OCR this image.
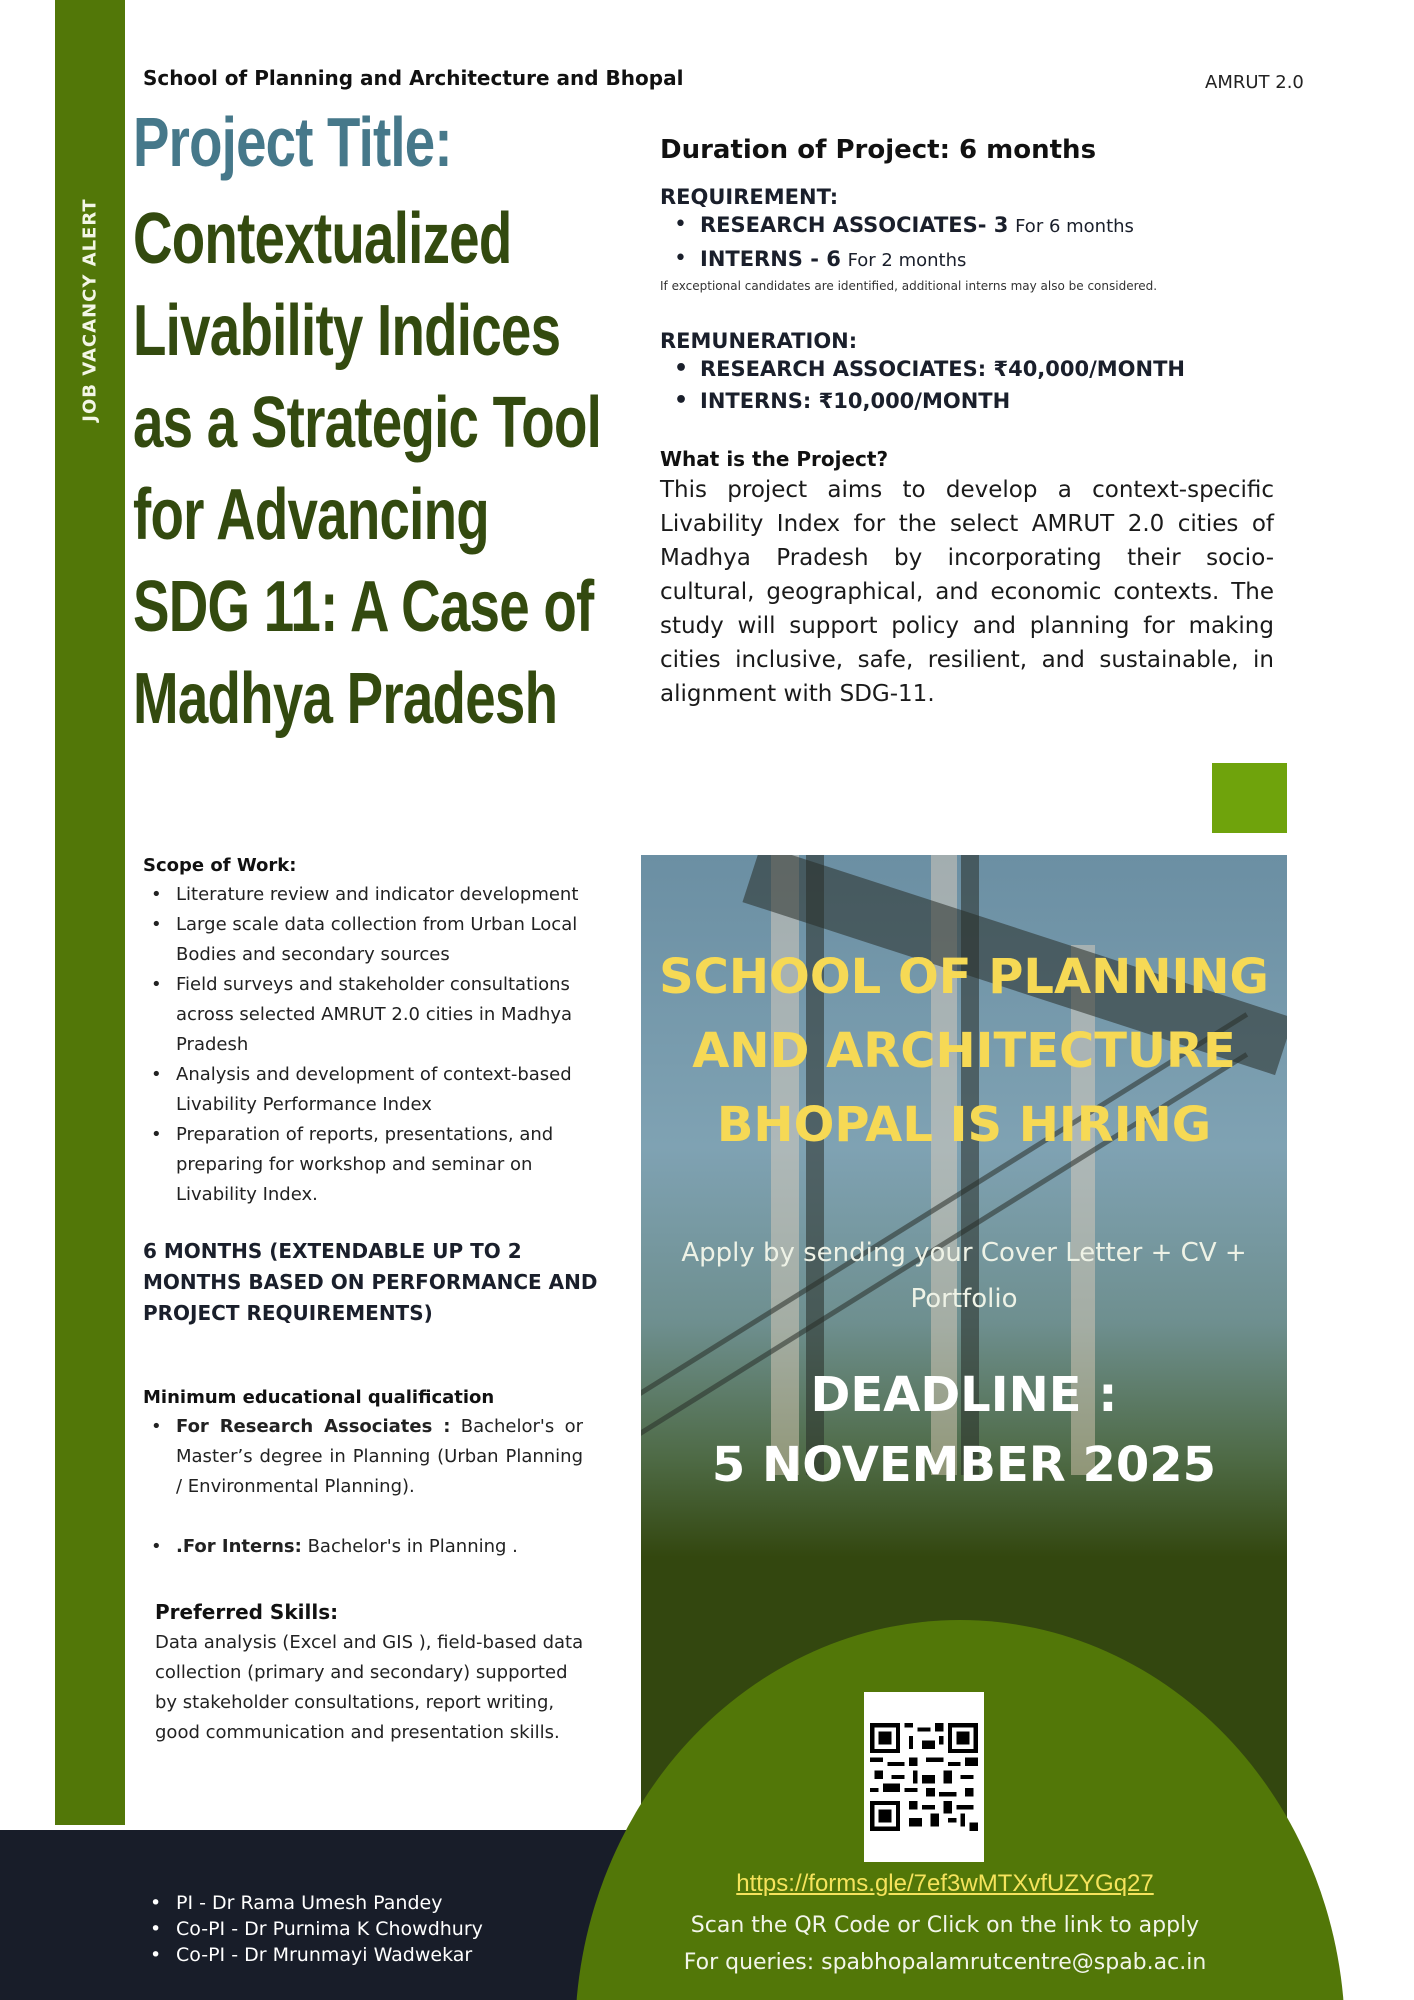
JOB VACANCY ALERT
School of Planning and Architecture and Bhopal	AMRUT 2.0
Project Title:
Contextualized Livability Indices as a Strategic Tool for Advancing SDG 11: A Case of Madhya Pradesh
Duration of Project: 6 months
REQUIREMENT:
• RESEARCH ASSOCIATES- 3 For 6 months
• INTERNS - 6 For 2 months
If exceptional candidates are identified, additional interns may also be considered.
REMUNERATION:
• RESEARCH ASSOCIATES: ₹40,000/MONTH
• INTERNS: ₹10,000/MONTH
What is the Project?

This project aims to develop a context-specific Livability Index for the select AMRUT 2.0 cities of Madhya Pradesh by incorporating their socio-cultural, geographical, and economic contexts. The study will support policy and planning for making cities inclusive, safe, resilient, and sustainable, in alignment with SDG-11.

Scope of Work:
• Literature review and indicator development
• Large scale data collection from Urban Local Bodies and secondary sources
• Field surveys and stakeholder consultations across selected AMRUT 2.0 cities in Madhya Pradesh
• Analysis and development of context-based Livability Performance Index
• Preparation of reports, presentations, and preparing for workshop and seminar on Livability Index.
6 MONTHS (EXTENDABLE UP TO 2 MONTHS BASED ON PERFORMANCE AND PROJECT REQUIREMENTS)
Minimum educational qualification
• For Research Associates : Bachelor's or Master’s degree in Planning (Urban Planning / Environmental Planning).
• .For Interns: Bachelor's in Planning .
Preferred Skills:

Data analysis (Excel and GIS ), field-based data collection (primary and secondary) supported by stakeholder consultations, report writing, good communication and presentation skills.

SCHOOL OF PLANNING AND ARCHITECTURE BHOPAL IS HIRING
Apply by sending your Cover Letter + CV + Portfolio
DEADLINE :
5 NOVEMBER 2025
• PI - Dr Rama Umesh Pandey
• Co-PI - Dr Purnima K Chowdhury
• Co-PI - Dr Mrunmayi Wadwekar
https://forms.gle/7ef3wMTXvfUZYGq27
Scan the QR Code or Click on the link to apply
For queries: spabhopalamrutcentre@spab.ac.in
